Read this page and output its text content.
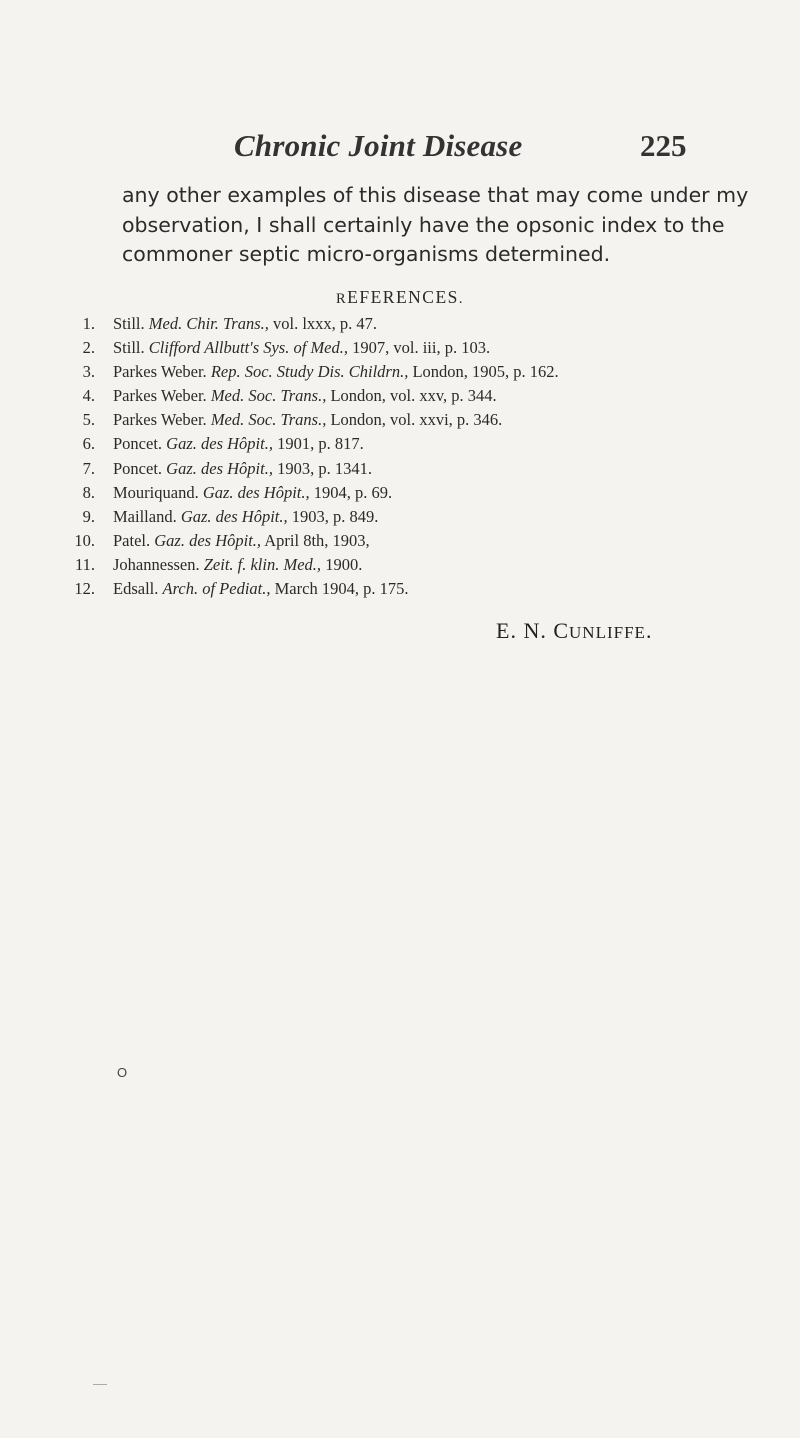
Chronic Joint Disease	225
any other examples of this disease that may come under my
observation, I shall certainly have the opsonic index to the
commoner septic micro-organisms determined.
REFERENCES.
1. Still. Med. Chir. Trans., vol. lxxx, p. 47.
2. Still. Clifford Allbutt's Sys. of Med., 1907, vol. iii, p. 103.
3. Parkes Weber. Rep. Soc. Study Dis. Childrn., London, 1905, p. 162.
4. Parkes Weber. Med. Soc. Trans., London, vol. xxv, p. 344.
5. Parkes Weber. Med. Soc. Trans., London, vol. xxvi, p. 346.
6. Poncet. Gaz. des Hôpit., 1901, p. 817.
7. Poncet. Gaz. des Hôpit., 1903, p. 1341.
8. Mouriquand. Gaz. des Hôpit., 1904, p. 69.
9. Mailland. Gaz. des Hôpit., 1903, p. 849.
10. Patel. Gaz. des Hôpit., April 8th, 1903,
11. Johannessen. Zeit. f. klin. Med., 1900.
12. Edsall. Arch. of Pediat., March 1904, p. 175.
E. N. CUNLIFFE.
O
